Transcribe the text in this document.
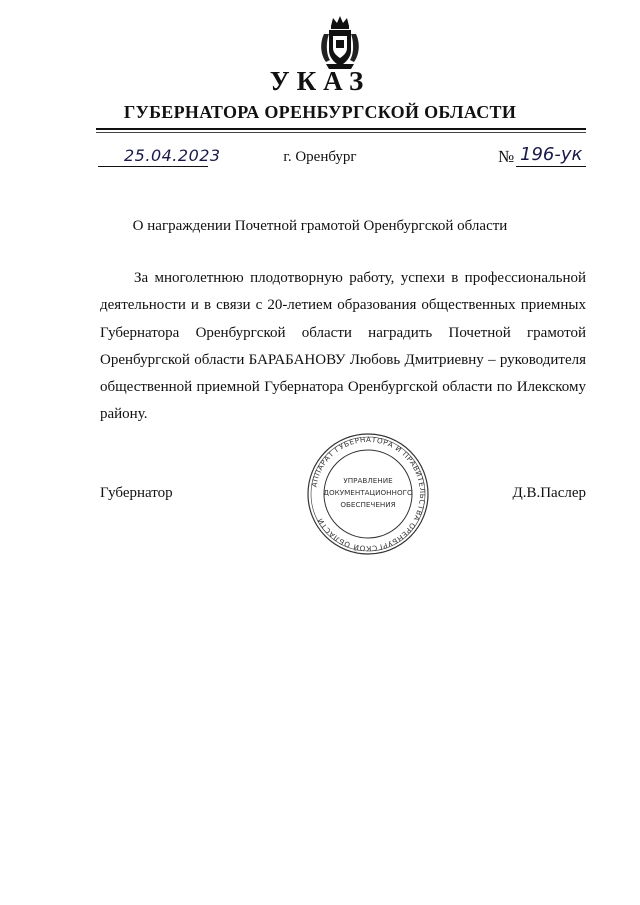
УКАЗ
ГУБЕРНАТОРА ОРЕНБУРГСКОЙ ОБЛАСТИ
25.04.2023	г. Оренбург	№ 196-ук
О награждении Почетной грамотой Оренбургской области

За многолетнюю плодотворную работу, успехи в профессиональной деятельности и в связи с 20-летием образования общественных приемных Губернатора Оренбургской области наградить Почетной грамотой Оренбургской области БАРАБАНОВУ Любовь Дмитриевну – руководителя общественной приемной Губернатора Оренбургской области по Илекскому району.

АППАРАТ ГУБЕРНАТОРА И ПРАВИТЕЛЬСТВА ОРЕНБУРГСКОЙ ОБЛАСТИ
УПРАВЛЕНИЕ
ДОКУМЕНТАЦИОННОГО
ОБЕСПЕЧЕНИЯ
Губернатор	Д.В.Паслер
